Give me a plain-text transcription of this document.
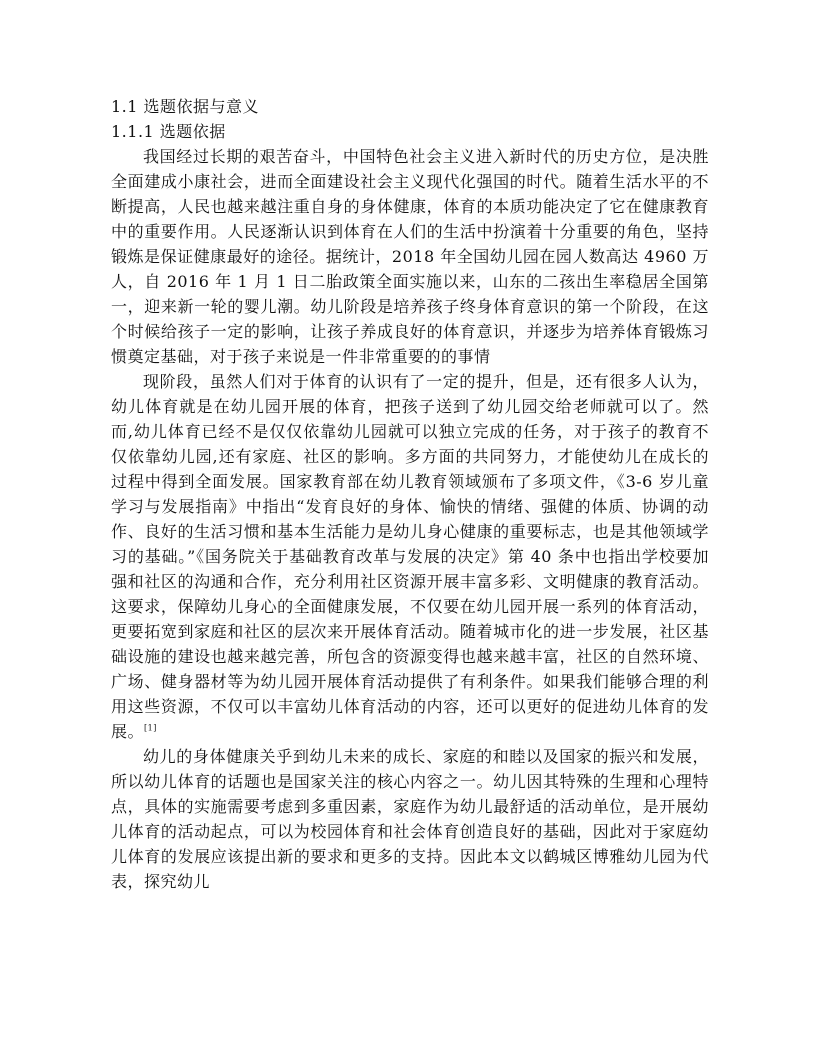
1.1 选题依据与意义

1.1.1 选题依据

我国经过长期的艰苦奋斗，中国特色社会主义进入新时代的历史方位，是决胜全面建成小康社会，进而全面建设社会主义现代化强国的时代。随着生活水平的不断提高，人民也越来越注重自身的身体健康，体育的本质功能决定了它在健康教育中的重要作用。人民逐渐认识到体育在人们的生活中扮演着十分重要的角色，坚持锻炼是保证健康最好的途径。据统计，2018 年全国幼儿园在园人数高达 4960 万人，自 2016 年 1 月 1 日二胎政策全面实施以来，山东的二孩出生率稳居全国第一，迎来新一轮的婴儿潮。幼儿阶段是培养孩子终身体育意识的第一个阶段，在这个时候给孩子一定的影响，让孩子养成良好的体育意识，并逐步为培养体育锻炼习惯奠定基础，对于孩子来说是一件非常重要的的事情

现阶段，虽然人们对于体育的认识有了一定的提升，但是，还有很多人认为，幼儿体育就是在幼儿园开展的体育，把孩子送到了幼儿园交给老师就可以了。然而,幼儿体育已经不是仅仅依靠幼儿园就可以独立完成的任务，对于孩子的教育不仅依靠幼儿园,还有家庭、社区的影响。多方面的共同努力，才能使幼儿在成长的过程中得到全面发展。国家教育部在幼儿教育领域颁布了多项文件，《3-6 岁儿童学习与发展指南》中指出“发育良好的身体、愉快的情绪、强健的体质、协调的动作、良好的生活习惯和基本生活能力是幼儿身心健康的重要标志，也是其他领域学习的基础。”《国务院关于基础教育改革与发展的决定》第 40 条中也指出学校要加强和社区的沟通和合作，充分利用社区资源开展丰富多彩、文明健康的教育活动。这要求，保障幼儿身心的全面健康发展，不仅要在幼儿园开展一系列的体育活动，更要拓宽到家庭和社区的层次来开展体育活动。随着城市化的进一步发展，社区基础设施的建设也越来越完善，所包含的资源变得也越来越丰富，社区的自然环境、广场、健身器材等为幼儿园开展体育活动提供了有利条件。如果我们能够合理的利用这些资源，不仅可以丰富幼儿体育活动的内容，还可以更好的促进幼儿体育的发展。[1]

幼儿的身体健康关乎到幼儿未来的成长、家庭的和睦以及国家的振兴和发展，所以幼儿体育的话题也是国家关注的核心内容之一。幼儿因其特殊的生理和心理特点，具体的实施需要考虑到多重因素，家庭作为幼儿最舒适的活动单位，是开展幼儿体育的活动起点，可以为校园体育和社会体育创造良好的基础，因此对于家庭幼儿体育的发展应该提出新的要求和更多的支持。因此本文以鹤城区博雅幼儿园为代表，探究幼儿
